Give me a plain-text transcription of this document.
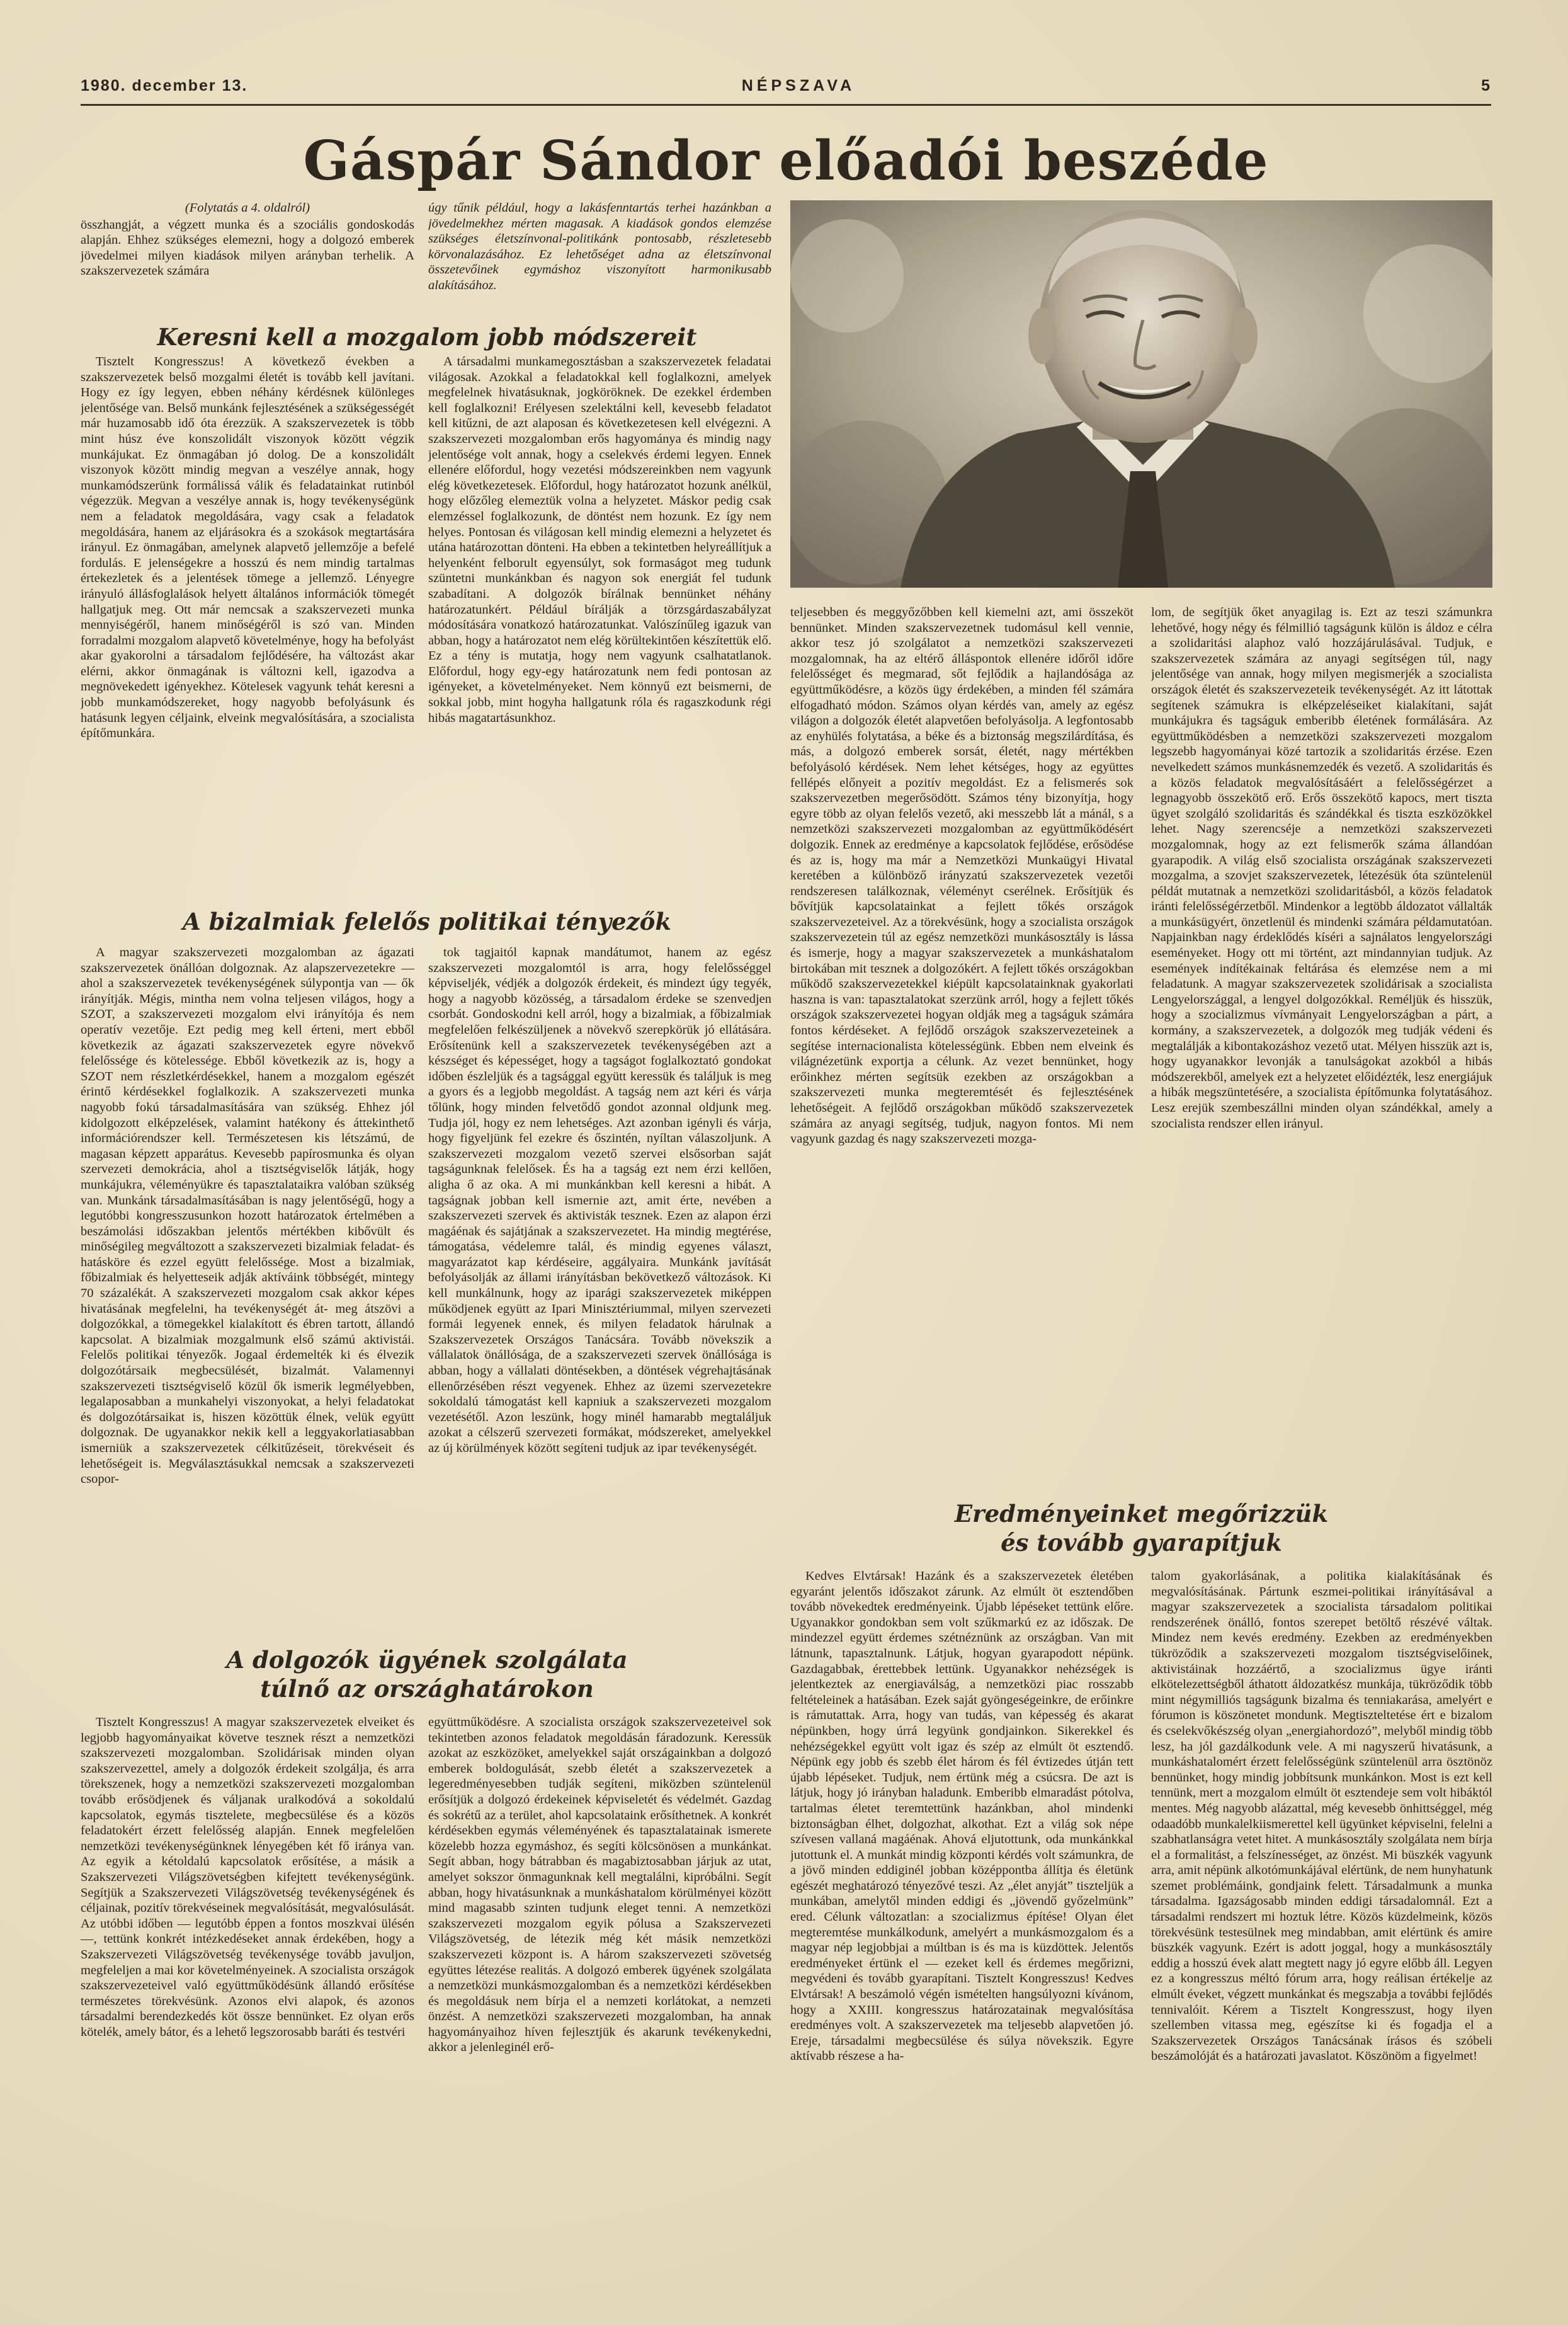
1980. december 13.	NÉPSZAVA	5
Gáspár Sándor előadói beszéde

(Folytatás a 4. oldalról)

összhangját, a végzett munka és a szociális gondoskodás alapján. Ehhez szükséges elemezni, hogy a dolgozó emberek jövedelmei milyen kiadások milyen arányban terhelik. A szakszervezetek számára

úgy tűnik például, hogy a lakásfenntartás terhei hazánkban a jövedelmekhez mérten magasak. A kiadások gondos elemzése szükséges életszínvonal-politikánk pontosabb, részletesebb körvonalazásához. Ez lehetőséget adna az életszínvonal összetevőinek egymáshoz viszonyított harmonikusabb alakításához.

Keresni kell a mozgalom jobb módszereit

Tisztelt Kongresszus! A következő években a szakszervezetek belső mozgalmi életét is tovább kell javítani. Hogy ez így legyen, ebben néhány kérdésnek különleges jelentősége van. Belső munkánk fejlesztésének a szükségességét már huzamosabb idő óta érezzük. A szakszervezetek is több mint húsz éve konszolidált viszonyok között végzik munkájukat. Ez önmagában jó dolog. De a konszolidált viszonyok között mindig megvan a veszélye annak, hogy munkamódszerünk formálissá válik és feladatainkat rutinból végezzük. Megvan a veszélye annak is, hogy tevékenységünk nem a feladatok megoldására, vagy csak a feladatok megoldására, hanem az eljárásokra és a szokások megtartására irányul. Ez önmagában, amelynek alapvető jellemzője a befelé fordulás. E jelenségekre a hosszú és nem mindig tartalmas értekezletek és a jelentések tömege a jellemző. Lényegre irányuló állásfoglalások helyett általános információk tömegét hallgatjuk meg. Ott már nemcsak a szakszervezeti munka mennyiségéről, hanem minőségéről is szó van. Minden forradalmi mozgalom alapvető követelménye, hogy ha befolyást akar gyakorolni a társadalom fejlődésére, ha változást akar elérni, akkor önmagának is változni kell, igazodva a megnövekedett igényekhez. Kötelesek vagyunk tehát keresni a jobb munkamódszereket, hogy nagyobb befolyásunk és hatásunk legyen céljaink, elveink megvalósítására, a szocialista építőmunkára.

A társadalmi munkamegosztásban a szakszervezetek feladatai világosak. Azokkal a feladatokkal kell foglalkozni, amelyek megfelelnek hivatásuknak, jogköröknek. De ezekkel érdemben kell foglalkozni! Erélyesen szelektálni kell, kevesebb feladatot kell kitűzni, de azt alaposan és következetesen kell elvégezni. A szakszervezeti mozgalomban erős hagyománya és mindig nagy jelentősége volt annak, hogy a cselekvés érdemi legyen. Ennek ellenére előfordul, hogy vezetési módszereinkben nem vagyunk elég következetesek. Előfordul, hogy határozatot hozunk anélkül, hogy előzőleg elemeztük volna a helyzetet. Máskor pedig csak elemzéssel foglalkozunk, de döntést nem hozunk. Ez így nem helyes. Pontosan és világosan kell mindig elemezni a helyzetet és utána határozottan dönteni. Ha ebben a tekintetben helyreállítjuk a helyenként felborult egyensúlyt, sok formaságot meg tudunk szüntetni munkánkban és nagyon sok energiát fel tudunk szabadítani. A dolgozók bírálnak bennünket néhány határozatunkért. Például bírálják a törzsgárdaszabályzat módosítására vonatkozó határozatunkat. Valószínűleg igazuk van abban, hogy a határozatot nem elég körültekintően készítettük elő. Ez a tény is mutatja, hogy nem vagyunk csalhatatlanok. Előfordul, hogy egy-egy határozatunk nem fedi pontosan az igényeket, a követelményeket. Nem könnyű ezt beismerni, de sokkal jobb, mint hogyha hallgatunk róla és ragaszkodunk régi hibás magatartásunkhoz.

teljesebben és meggyőzőbben kell kiemelni azt, ami összeköt bennünket. Minden szakszervezetnek tudomásul kell vennie, akkor tesz jó szolgálatot a nemzetközi szakszervezeti mozgalomnak, ha az eltérő álláspontok ellenére időről időre felelősséget és megmarad, sőt fejlődik a hajlandósága az együttműködésre, a közös ügy érdekében, a minden fél számára elfogadható módon. Számos olyan kérdés van, amely az egész világon a dolgozók életét alapvetően befolyásolja. A legfontosabb az enyhülés folytatása, a béke és a biztonság megszilárdítása, és más, a dolgozó emberek sorsát, életét, nagy mértékben befolyásoló kérdések. Nem lehet kétséges, hogy az együttes fellépés előnyeit a pozitív megoldást. Ez a felismerés sok szakszervezetben megerősödött. Számos tény bizonyítja, hogy egyre több az olyan felelős vezető, aki messzebb lát a mánál, s a nemzetközi szakszervezeti mozgalomban az együttműködésért dolgozik. Ennek az eredménye a kapcsolatok fejlődése, erősödése és az is, hogy ma már a Nemzetközi Munkaügyi Hivatal keretében a különböző irányzatú szakszervezetek vezetői rendszeresen találkoznak, véleményt cserélnek. Erősítjük és bővítjük kapcsolatainkat a fejlett tőkés országok szakszervezeteivel. Az a törekvésünk, hogy a szocialista országok szakszervezetein túl az egész nemzetközi munkásosztály is lássa és ismerje, hogy a magyar szakszervezetek a munkáshatalom birtokában mit tesznek a dolgozókért. A fejlett tőkés országokban működő szakszervezetekkel kiépült kapcsolatainknak gyakorlati haszna is van: tapasztalatokat szerzünk arról, hogy a fejlett tőkés országok szakszervezetei hogyan oldják meg a tagságuk számára fontos kérdéseket. A fejlődő országok szakszervezeteinek a segítése internacionalista kötelességünk. Ebben nem elveink és világnézetünk exportja a célunk. Az vezet bennünket, hogy erőinkhez mérten segítsük ezekben az országokban a szakszervezeti munka megteremtését és fejlesztésének lehetőségeit. A fejlődő országokban működő szakszervezetek számára az anyagi segítség, tudjuk, nagyon fontos. Mi nem vagyunk gazdag és nagy szakszervezeti mozga-

lom, de segítjük őket anyagilag is. Ezt az teszi számunkra lehetővé, hogy négy és félmillió tagságunk külön is áldoz e célra a szolidaritási alaphoz való hozzájárulásával. Tudjuk, e szakszervezetek számára az anyagi segítségen túl, nagy jelentősége van annak, hogy milyen megismerjék a szocialista országok életét és szakszervezeteik tevékenységét. Az itt látottak segítenek számukra is elképzeléseiket kialakítani, saját munkájukra és tagságuk emberibb életének formálására. Az együttműködésben a nemzetközi szakszervezeti mozgalom legszebb hagyományai közé tartozik a szolidaritás érzése. Ezen nevelkedett számos munkásnemzedék és vezető. A szolidaritás és a közös feladatok megvalósításáért a felelősségérzet a legnagyobb összekötő erő. Erős összekötő kapocs, mert tiszta ügyet szolgáló szolidaritás és szándékkal és tiszta eszközökkel lehet. Nagy szerencséje a nemzetközi szakszervezeti mozgalomnak, hogy az ezt felismerők száma állandóan gyarapodik. A világ első szocialista országának szakszervezeti mozgalma, a szovjet szakszervezetek, létezésük óta szüntelenül példát mutatnak a nemzetközi szolidaritásból, a közös feladatok iránti felelősségérzetből. Mindenkor a legtöbb áldozatot vállalták a munkásügyért, önzetlenül és mindenki számára példamutatóan. Napjainkban nagy érdeklődés kíséri a sajnálatos lengyelországi eseményeket. Hogy ott mi történt, azt mindannyian tudjuk. Az események indítékainak feltárása és elemzése nem a mi feladatunk. A magyar szakszervezetek szolidárisak a szocialista Lengyelországgal, a lengyel dolgozókkal. Reméljük és hisszük, hogy a szocializmus vívmányait Lengyelországban a párt, a kormány, a szakszervezetek, a dolgozók meg tudják védeni és megtalálják a kibontakozáshoz vezető utat. Mélyen hisszük azt is, hogy ugyanakkor levonják a tanulságokat azokból a hibás módszerekből, amelyek ezt a helyzetet előidézték, lesz energiájuk a hibák megszüntetésére, a szocialista építőmunka folytatásához. Lesz erejük szembeszállni minden olyan szándékkal, amely a szocialista rendszer ellen irányul.

A bizalmiak felelős politikai tényezők

A magyar szakszervezeti mozgalomban az ágazati szakszervezetek önállóan dolgoznak. Az alapszervezetekre — ahol a szakszervezetek tevékenységének súlypontja van — ők irányítják. Mégis, mintha nem volna teljesen világos, hogy a SZOT, a szakszervezeti mozgalom elvi irányítója és nem operatív vezetője. Ezt pedig meg kell érteni, mert ebből következik az ágazati szakszervezetek egyre növekvő felelőssége és kötelessége. Ebből következik az is, hogy a SZOT nem részletkérdésekkel, hanem a mozgalom egészét érintő kérdésekkel foglalkozik. A szakszervezeti munka nagyobb fokú társadalmasítására van szükség. Ehhez jól kidolgozott elképzelések, valamint hatékony és áttekinthető információrendszer kell. Természetesen kis létszámú, de magasan képzett apparátus. Kevesebb papírosmunka és olyan szervezeti demokrácia, ahol a tisztségviselők látják, hogy munkájukra, véleményükre és tapasztalataikra valóban szükség van. Munkánk társadalmasításában is nagy jelentőségű, hogy a legutóbbi kongresszusunkon hozott határozatok értelmében a beszámolási időszakban jelentős mértékben kibővült és minőségileg megváltozott a szakszervezeti bizalmiak feladat- és hatásköre és ezzel együtt felelőssége. Most a bizalmiak, főbizalmiak és helyetteseik adják aktíváink többségét, mintegy 70 százalékát. A szakszervezeti mozgalom csak akkor képes hivatásának megfelelni, ha tevékenységét át- meg átszövi a dolgozókkal, a tömegekkel kialakított és ébren tartott, állandó kapcsolat. A bizalmiak mozgalmunk első számú aktivistái. Felelős politikai tényezők. Jogaal érdemelték ki és élvezik dolgozótársaik megbecsülését, bizalmát. Valamennyi szakszervezeti tisztségviselő közül ők ismerik legmélyebben, legalaposabban a munkahelyi viszonyokat, a helyi feladatokat és dolgozótársaikat is, hiszen közöttük élnek, velük együtt dolgoznak. De ugyanakkor nekik kell a leggyakorlatiasabban ismerniük a szakszervezetek célkitűzéseit, törekvéseit és lehetőségeit is. Megválasztásukkal nemcsak a szakszervezeti csopor-

tok tagjaitól kapnak mandátumot, hanem az egész szakszervezeti mozgalomtól is arra, hogy felelősséggel képviseljék, védjék a dolgozók érdekeit, és mindezt úgy tegyék, hogy a nagyobb közösség, a társadalom érdeke se szenvedjen csorbát. Gondoskodni kell arról, hogy a bizalmiak, a főbizalmiak megfelelően felkészüljenek a növekvő szerepkörük jó ellátására. Erősítenünk kell a szakszervezetek tevékenységében azt a készséget és képességet, hogy a tagságot foglalkoztató gondokat időben észleljük és a tagsággal együtt keressük és találjuk is meg a gyors és a legjobb megoldást. A tagság nem azt kéri és várja tőlünk, hogy minden felvetődő gondot azonnal oldjunk meg. Tudja jól, hogy ez nem lehetséges. Azt azonban igényli és várja, hogy figyeljünk fel ezekre és őszintén, nyíltan válaszoljunk. A szakszervezeti mozgalom vezető szervei elsősorban saját tagságunknak felelősek. És ha a tagság ezt nem érzi kellően, aligha ő az oka. A mi munkánkban kell keresni a hibát. A tagságnak jobban kell ismernie azt, amit érte, nevében a szakszervezeti szervek és aktivisták tesznek. Ezen az alapon érzi magáénak és sajátjának a szakszervezetet. Ha mindig megtérése, támogatása, védelemre talál, és mindig egyenes választ, magyarázatot kap kérdéseire, aggályaira. Munkánk javítását befolyásolják az állami irányításban bekövetkező változások. Ki kell munkálnunk, hogy az iparági szakszervezetek miképpen működjenek együtt az Ipari Minisztériummal, milyen szervezeti formái legyenek ennek, és milyen feladatok hárulnak a Szakszervezetek Országos Tanácsára. Tovább növekszik a vállalatok önállósága, de a szakszervezeti szervek önállósága is abban, hogy a vállalati döntésekben, a döntések végrehajtásának ellenőrzésében részt vegyenek. Ehhez az üzemi szervezetekre sokoldalú támogatást kell kapniuk a szakszervezeti mozgalom vezetésétől. Azon leszünk, hogy minél hamarabb megtaláljuk azokat a célszerű szervezeti formákat, módszereket, amelyekkel az új körülmények között segíteni tudjuk az ipar tevékenységét.

Eredményeinket megőrizzük
és tovább gyarapítjuk
A dolgozók ügyének szolgálata
túlnő az országhatárokon

Tisztelt Kongresszus! A magyar szakszervezetek elveiket és legjobb hagyományaikat követve tesznek részt a nemzetközi szakszervezeti mozgalomban. Szolidárisak minden olyan szakszervezettel, amely a dolgozók érdekeit szolgálja, és arra törekszenek, hogy a nemzetközi szakszervezeti mozgalomban tovább erősödjenek és váljanak uralkodóvá a sokoldalú kapcsolatok, egymás tisztelete, megbecsülése és a közös feladatokért érzett felelősség alapján. Ennek megfelelően nemzetközi tevékenységünknek lényegében két fő iránya van. Az egyik a kétoldalú kapcsolatok erősítése, a másik a Szakszervezeti Világszövetségben kifejtett tevékenységünk. Segítjük a Szakszervezeti Világszövetség tevékenységének és céljainak, pozitív törekvéseinek megvalósítását, megvalósulását. Az utóbbi időben — legutóbb éppen a fontos moszkvai ülésén —, tettünk konkrét intézkedéseket annak érdekében, hogy a Szakszervezeti Világszövetség tevékenysége tovább javuljon, megfeleljen a mai kor követelményeinek. A szocialista országok szakszervezeteivel való együttműködésünk állandó erősítése természetes törekvésünk. Azonos elvi alapok, és azonos társadalmi berendezkedés köt össze bennünket. Ez olyan erős kötelék, amely bátor, és a lehető legszorosabb baráti és testvéri

együttműködésre. A szocialista országok szakszervezeteivel sok tekintetben azonos feladatok megoldásán fáradozunk. Keressük azokat az eszközöket, amelyekkel saját országainkban a dolgozó emberek boldogulását, szebb életét a szakszervezetek a legeredményesebben tudják segíteni, miközben szüntelenül erősítjük a dolgozó érdekeinek képviseletét és védelmét. Gazdag és sokrétű az a terület, ahol kapcsolataink erősíthetnek. A konkrét kérdésekben egymás véleményének és tapasztalatainak ismerete közelebb hozza egymáshoz, és segíti kölcsönösen a munkánkat. Segít abban, hogy bátrabban és magabiztosabban járjuk az utat, amelyet sokszor önmagunknak kell megtalálni, kipróbálni. Segít abban, hogy hivatásunknak a munkáshatalom körülményei között mind magasabb szinten tudjunk eleget tenni. A nemzetközi szakszervezeti mozgalom egyik pólusa a Szakszervezeti Világszövetség, de létezik még két másik nemzetközi szakszervezeti központ is. A három szakszervezeti szövetség együttes létezése realitás. A dolgozó emberek ügyének szolgálata a nemzetközi munkásmozgalomban és a nemzetközi kérdésekben és megoldásuk nem bírja el a nemzeti korlátokat, a nemzeti önzést. A nemzetközi szakszervezeti mozgalomban, ha annak hagyományaihoz híven fejlesztjük és akarunk tevékenykedni, akkor a jelenleginél erő-

Kedves Elvtársak! Hazánk és a szakszervezetek életében egyaránt jelentős időszakot zárunk. Az elmúlt öt esztendőben tovább növekedtek eredményeink. Újabb lépéseket tettünk előre. Ugyanakkor gondokban sem volt szűkmarkú ez az időszak. De mindezzel együtt érdemes szétnéznünk az országban. Van mit látnunk, tapasztalnunk. Látjuk, hogyan gyarapodott népünk. Gazdagabbak, érettebbek lettünk. Ugyanakkor nehézségek is jelentkeztek az energiaválság, a nemzetközi piac rosszabb feltételeinek a hatásában. Ezek saját gyöngeségeinkre, de erőinkre is rámutattak. Arra, hogy van tudás, van képesség és akarat népünkben, hogy úrrá legyünk gondjainkon. Sikerekkel és nehézségekkel együtt volt igaz és szép az elmúlt öt esztendő. Népünk egy jobb és szebb élet három és fél évtizedes útján tett újabb lépéseket. Tudjuk, nem értünk még a csúcsra. De azt is látjuk, hogy jó irányban haladunk. Emberibb elmaradást pótolva, tartalmas életet teremtettünk hazánkban, ahol mindenki biztonságban élhet, dolgozhat, alkothat. Ezt a világ sok népe szívesen vallaná magáénak. Ahová eljutottunk, oda munkánkkal jutottunk el. A munkát mindig központi kérdés volt számunkra, de a jövő minden eddiginél jobban középpontba állítja és életünk egészét meghatározó tényezővé teszi. Az „élet anyját” tiszteljük a munkában, amelytől minden eddigi és „jövendő győzelmünk” ered. Célunk változatlan: a szocializmus építése! Olyan élet megteremtése munkálkodunk, amelyért a munkásmozgalom és a magyar nép legjobbjai a múltban is és ma is küzdöttek. Jelentős eredményeket értünk el — ezeket kell és érdemes megőrizni, megvédeni és tovább gyarapítani. Tisztelt Kongresszus! Kedves Elvtársak! A beszámoló végén ismételten hangsúlyozni kívánom, hogy a XXIII. kongresszus határozatainak megvalósítása eredményes volt. A szakszervezetek ma teljesebb alapvetően jó. Ereje, társadalmi megbecsülése és súlya növekszik. Egyre aktívabb részese a ha-

talom gyakorlásának, a politika kialakításának és megvalósításának. Pártunk eszmei-politikai irányításával a magyar szakszervezetek a szocialista társadalom politikai rendszerének önálló, fontos szerepet betöltő részévé váltak. Mindez nem kevés eredmény. Ezekben az eredményekben tükröződik a szakszervezeti mozgalom tisztségviselőinek, aktivistáinak hozzáértő, a szocializmus ügye iránti elkötelezettségből áthatott áldozatkész munkája, tükröződik több mint négymilliós tagságunk bizalma és tenniakarása, amelyért e fórumon is köszönetet mondunk. Megtiszteltetése ért e bizalom és cselekvőkészség olyan „energiahordozó”, melyből mindig több lesz, ha jól gazdálkodunk vele. A mi nagyszerű hivatásunk, a munkáshatalomért érzett felelősségünk szüntelenül arra ösztönöz bennünket, hogy mindig jobbítsunk munkánkon. Most is ezt kell tennünk, mert a mozgalom elmúlt öt esztendeje sem volt hibáktól mentes. Még nagyobb alázattal, még kevesebb önhittséggel, még odaadóbb munkalelkiismerettel kell ügyünket képviselni, felelni a szabhatlanságra vetet hitet. A munkásosztály szolgálata nem bírja el a formalitást, a felszínességet, az önzést. Mi büszkék vagyunk arra, amit népünk alkotómunkájával elértünk, de nem hunyhatunk szemet problémáink, gondjaink felett. Társadalmunk a munka társadalma. Igazságosabb minden eddigi társadalomnál. Ezt a társadalmi rendszert mi hoztuk létre. Közös küzdelmeink, közös törekvésünk testesülnek meg mindabban, amit elértünk és amire büszkék vagyunk. Ezért is adott joggal, hogy a munkásosztály eddig a hosszú évek alatt megtett nagy jó egyre előbb áll. Legyen ez a kongresszus méltó fórum arra, hogy reálisan értékelje az elmúlt éveket, végzett munkánkat és megszabja a további fejlődés tennivalóit. Kérem a Tisztelt Kongresszust, hogy ilyen szellemben vitassa meg, egészítse ki és fogadja el a Szakszervezetek Országos Tanácsának írásos és szóbeli beszámolóját és a határozati javaslatot. Köszönöm a figyelmet!
